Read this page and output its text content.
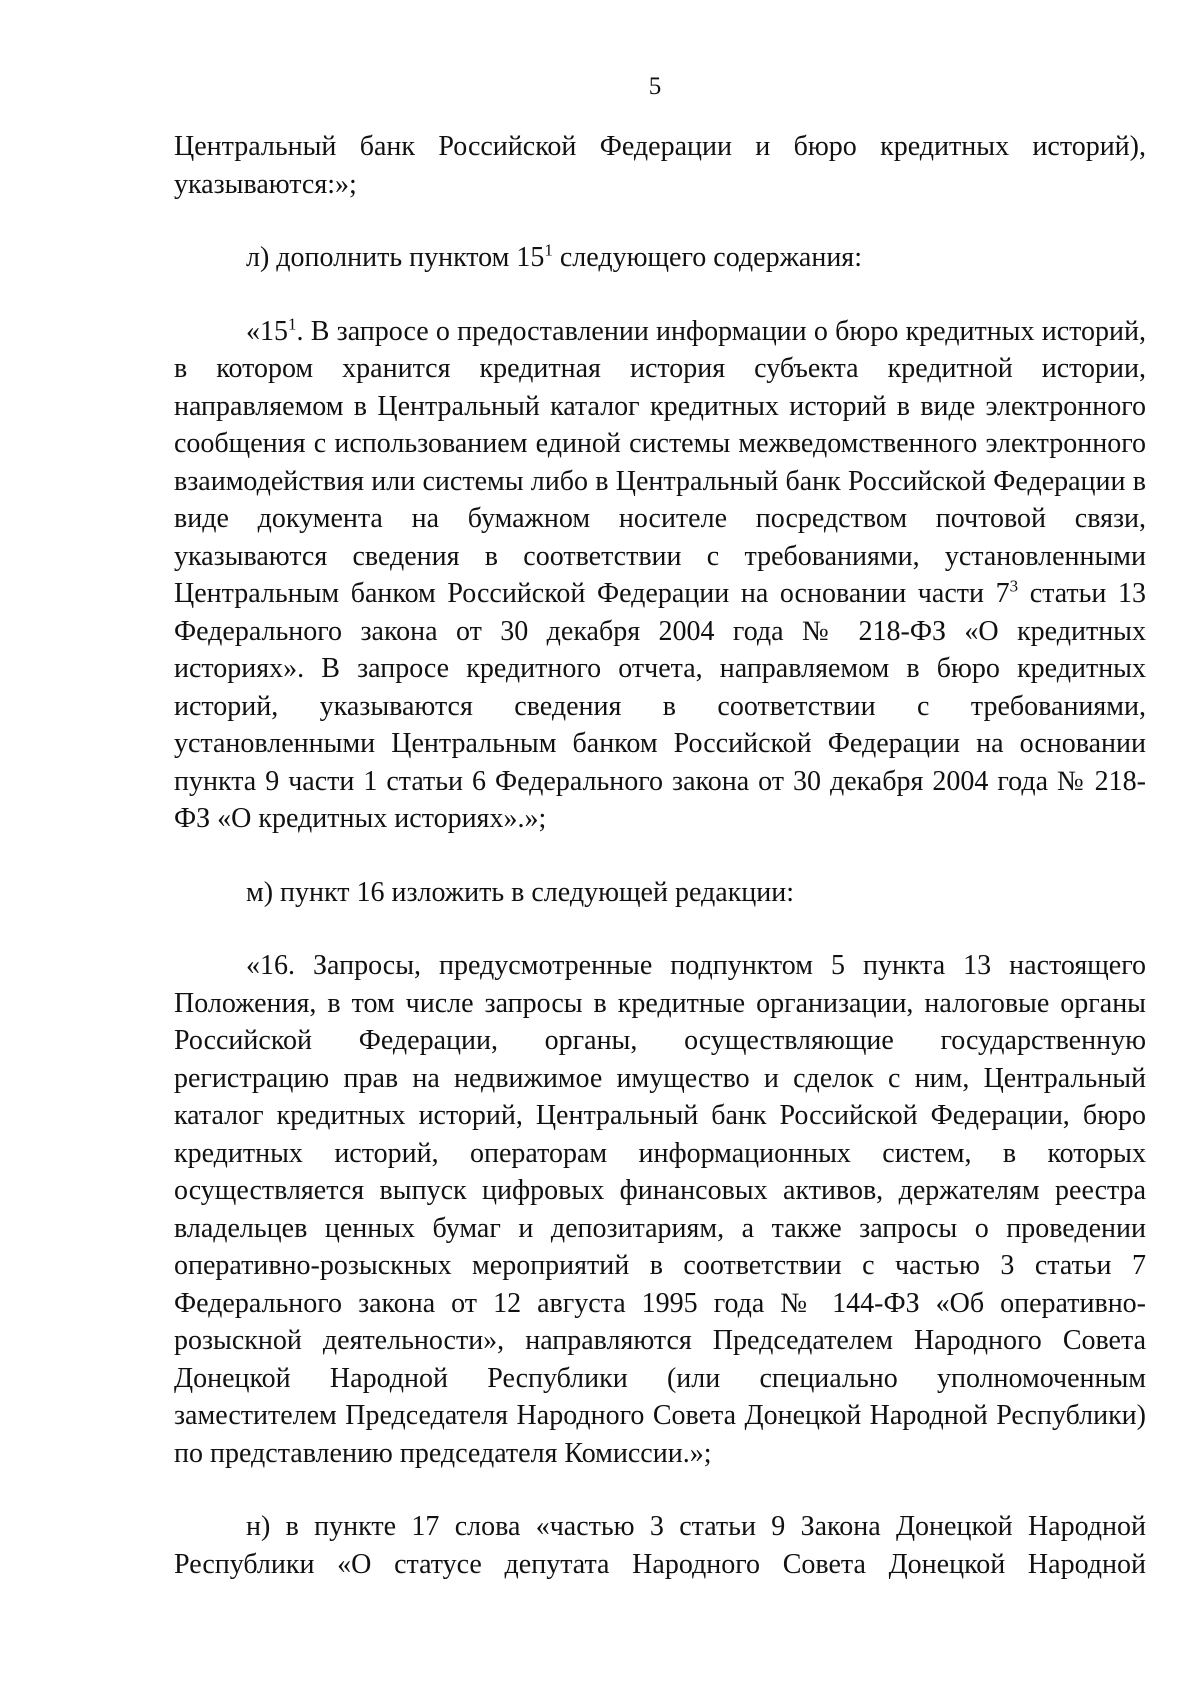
5

Центральный банк Российской Федерации и бюро кредитных историй), указываются:»;

л) дополнить пунктом $15^1$ следующего содержания:

«$15^1$. В запросе о предоставлении информации о бюро кредитных историй, в котором хранится кредитная история субъекта кредитной истории, направляемом в Центральный каталог кредитных историй в виде электронного сообщения с использованием единой системы межведомственного электронного взаимодействия или системы либо в Центральный банк Российской Федерации в виде документа на бумажном носителе посредством почтовой связи, указываются сведения в соответствии с требованиями, установленными Центральным банком Российской Федерации на основании части $7^3$ статьи 13 Федерального закона от 30 декабря 2004 года № 218-ФЗ «О кредитных историях». В запросе кредитного отчета, направляемом в бюро кредитных историй, указываются сведения в соответствии с требованиями, установленными Центральным банком Российской Федерации на основании пункта 9 части 1 статьи 6 Федерального закона от 30 декабря 2004 года № 218-ФЗ «О кредитных историях».»;

м) пункт 16 изложить в следующей редакции:

«16. Запросы, предусмотренные подпунктом 5 пункта 13 настоящего Положения, в том числе запросы в кредитные организации, налоговые органы Российской Федерации, органы, осуществляющие государственную регистрацию прав на недвижимое имущество и сделок с ним, Центральный каталог кредитных историй, Центральный банк Российской Федерации, бюро кредитных историй, операторам информационных систем, в которых осуществляется выпуск цифровых финансовых активов, держателям реестра владельцев ценных бумаг и депозитариям, а также запросы о проведении оперативно-розыскных мероприятий в соответствии с частью 3 статьи 7 Федерального закона от 12 августа 1995 года № 144-ФЗ «Об оперативно-розыскной деятельности», направляются Председателем Народного Совета Донецкой Народной Республики (или специально уполномоченным заместителем Председателя Народного Совета Донецкой Народной Республики) по представлению председателя Комиссии.»;

н) в пункте 17 слова «частью 3 статьи 9 Закона Донецкой Народной Республики «О статусе депутата Народного Совета Донецкой Народной
